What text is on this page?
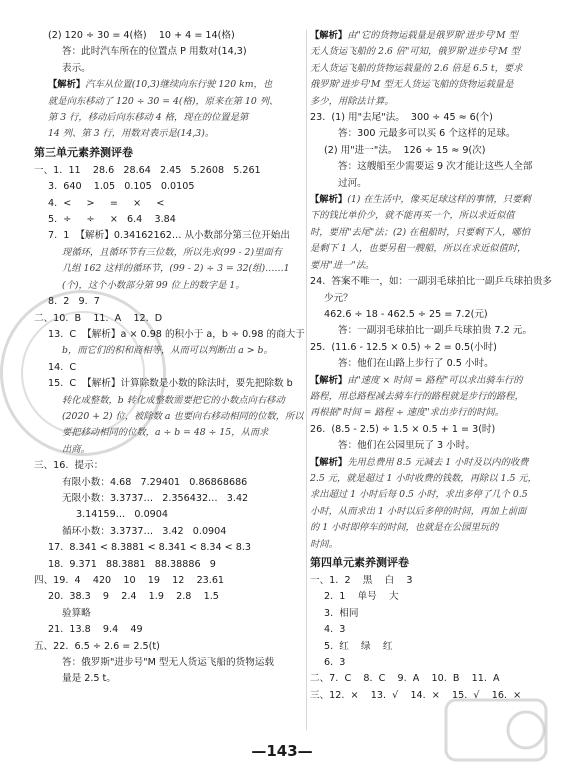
(2) 120 ÷ 30 = 4(格)    10 + 4 = 14(格)
答：此时汽车所在的位置点 P 用数对(14,3)
表示。
【解析】汽车从位置(10,3)继续向东行驶 120 km，也
就是向东移动了 120 ÷ 30 = 4(格)，原来在第 10 列、
第 3 行，移动后向东移动 4 格，现在的位置是第
14 列、第 3 行，用数对表示是(14,3)。
第三单元素养测评卷
一、1.  11    28.6   28.64   2.45   5.2608   5.261
3.  640    1.05   0.105   0.0105
4.  <     >     =     ×     <
5.  ÷     ÷     ×   6.4    3.84
7.  1  【解析】0.34162162… 从小数部分第三位开始出
现循环，且循环节有三位数，所以先求(99 - 2)里面有
几组 162 这样的循环节，(99 - 2) ÷ 3 = 32(组)……1
(个)，这个小数部分第 99 位上的数字是 1。
8.  2   9.  7
二、10.  B    11.  A    12.  D
13.  C  【解析】a × 0.98 的积小于 a，b ÷ 0.98 的商大于
b，而它们的积和商相等，从而可以判断出 a > b。
14.  C
15.  C  【解析】计算除数是小数的除法时，要先把除数 b
转化成整数，b 转化成整数需要把它的小数点向右移动
(2020 + 2) 位，被除数 a 也要向右移动相同的位数，所以
要把移动相同的位数，a ÷ b = 48 ÷ 15，从而求
出商。
三、16.  提示：
有限小数：4.68   7.29401   0.86868686
无限小数：3.3737…   2.356432…   3.42
3.14159…   0.0904
循环小数：3.3737…   3.42   0.0904
17.  8.341 < 8.3881 < 8.341 < 8.34 < 8.3
18.  9.371   88.3881   88.38886   9
四、19.  4    420    10    19    12    23.61
20.  38.3    9    2.4    1.9    2.8    1.5
验算略
21.  13.8    9.4    49
五、22.  6.5 ÷ 2.6 = 2.5(t)
答：俄罗斯"进步号"M 型无人货运飞船的货物运载
量是 2.5 t。
【解析】由"它的货物运载量是俄罗斯'进步号'M 型
无人货运飞船的 2.6 倍"可知，俄罗斯'进步号'M 型
无人货运飞船的货物运载量的 2.6 倍是 6.5 t，要求
俄罗斯'进步号'M 型无人货运飞船的货物运载量是
多少，用除法计算。
23.  (1) 用"去尾"法。  300 ÷ 45 ≈ 6(个)
答：300 元最多可以买 6 个这样的足球。
(2) 用"进一"法。  126 ÷ 15 ≈ 9(次)
答：这艘船至少需要运 9 次才能让这些人全部
过河。
【解析】(1) 在生活中，像买足球这样的事情，只要剩
下的钱比单价少，就不能再买一个，所以求近似值
时，要用"去尾"法；(2) 在租船时，只要剩下人，哪怕
是剩下 1 人，也要另租一艘船，所以在求近似值时，
要用"进一"法。
24.  答案不唯一，如：一副羽毛球拍比一副乒乓球拍贵多
少元？
462.6 ÷ 18 - 462.5 ÷ 25 = 7.2(元)
答：一副羽毛球拍比一副乒乓球拍贵 7.2 元。
25.  (11.6 - 12.5 × 0.5) ÷ 2 = 0.5(小时)
答：他们在山路上步行了 0.5 小时。
【解析】由"速度 × 时间 = 路程"可以求出骑车行的
路程，用总路程减去骑车行的路程就是步行的路程，
再根据"时间 = 路程 ÷ 速度"求出步行的时间。
26.  (8.5 - 2.5) ÷ 1.5 × 0.5 + 1 = 3(时)
答：他们在公园里玩了 3 小时。
【解析】先用总费用 8.5 元减去 1 小时及以内的收费
2.5 元，就是超过 1 小时收费的钱数，再除以 1.5 元，
求出超过 1 小时后每 0.5 小时，求出多停了几个 0.5
小时，从而求出 1 小时以后多停的时间，再加上前面
的 1 小时即停车的时间，也就是在公园里玩的
时间。
第四单元素养测评卷
一、1.  2    黑    白    3
2.  1    单号    大
3.  相同
4.  3
5.  红    绿    红
6.  3
二、7.  C    8.  C    9.  A    10.  B    11.  A
三、12.  ×    13.  √    14.  ×    15.  √    16.  ×
—143—
